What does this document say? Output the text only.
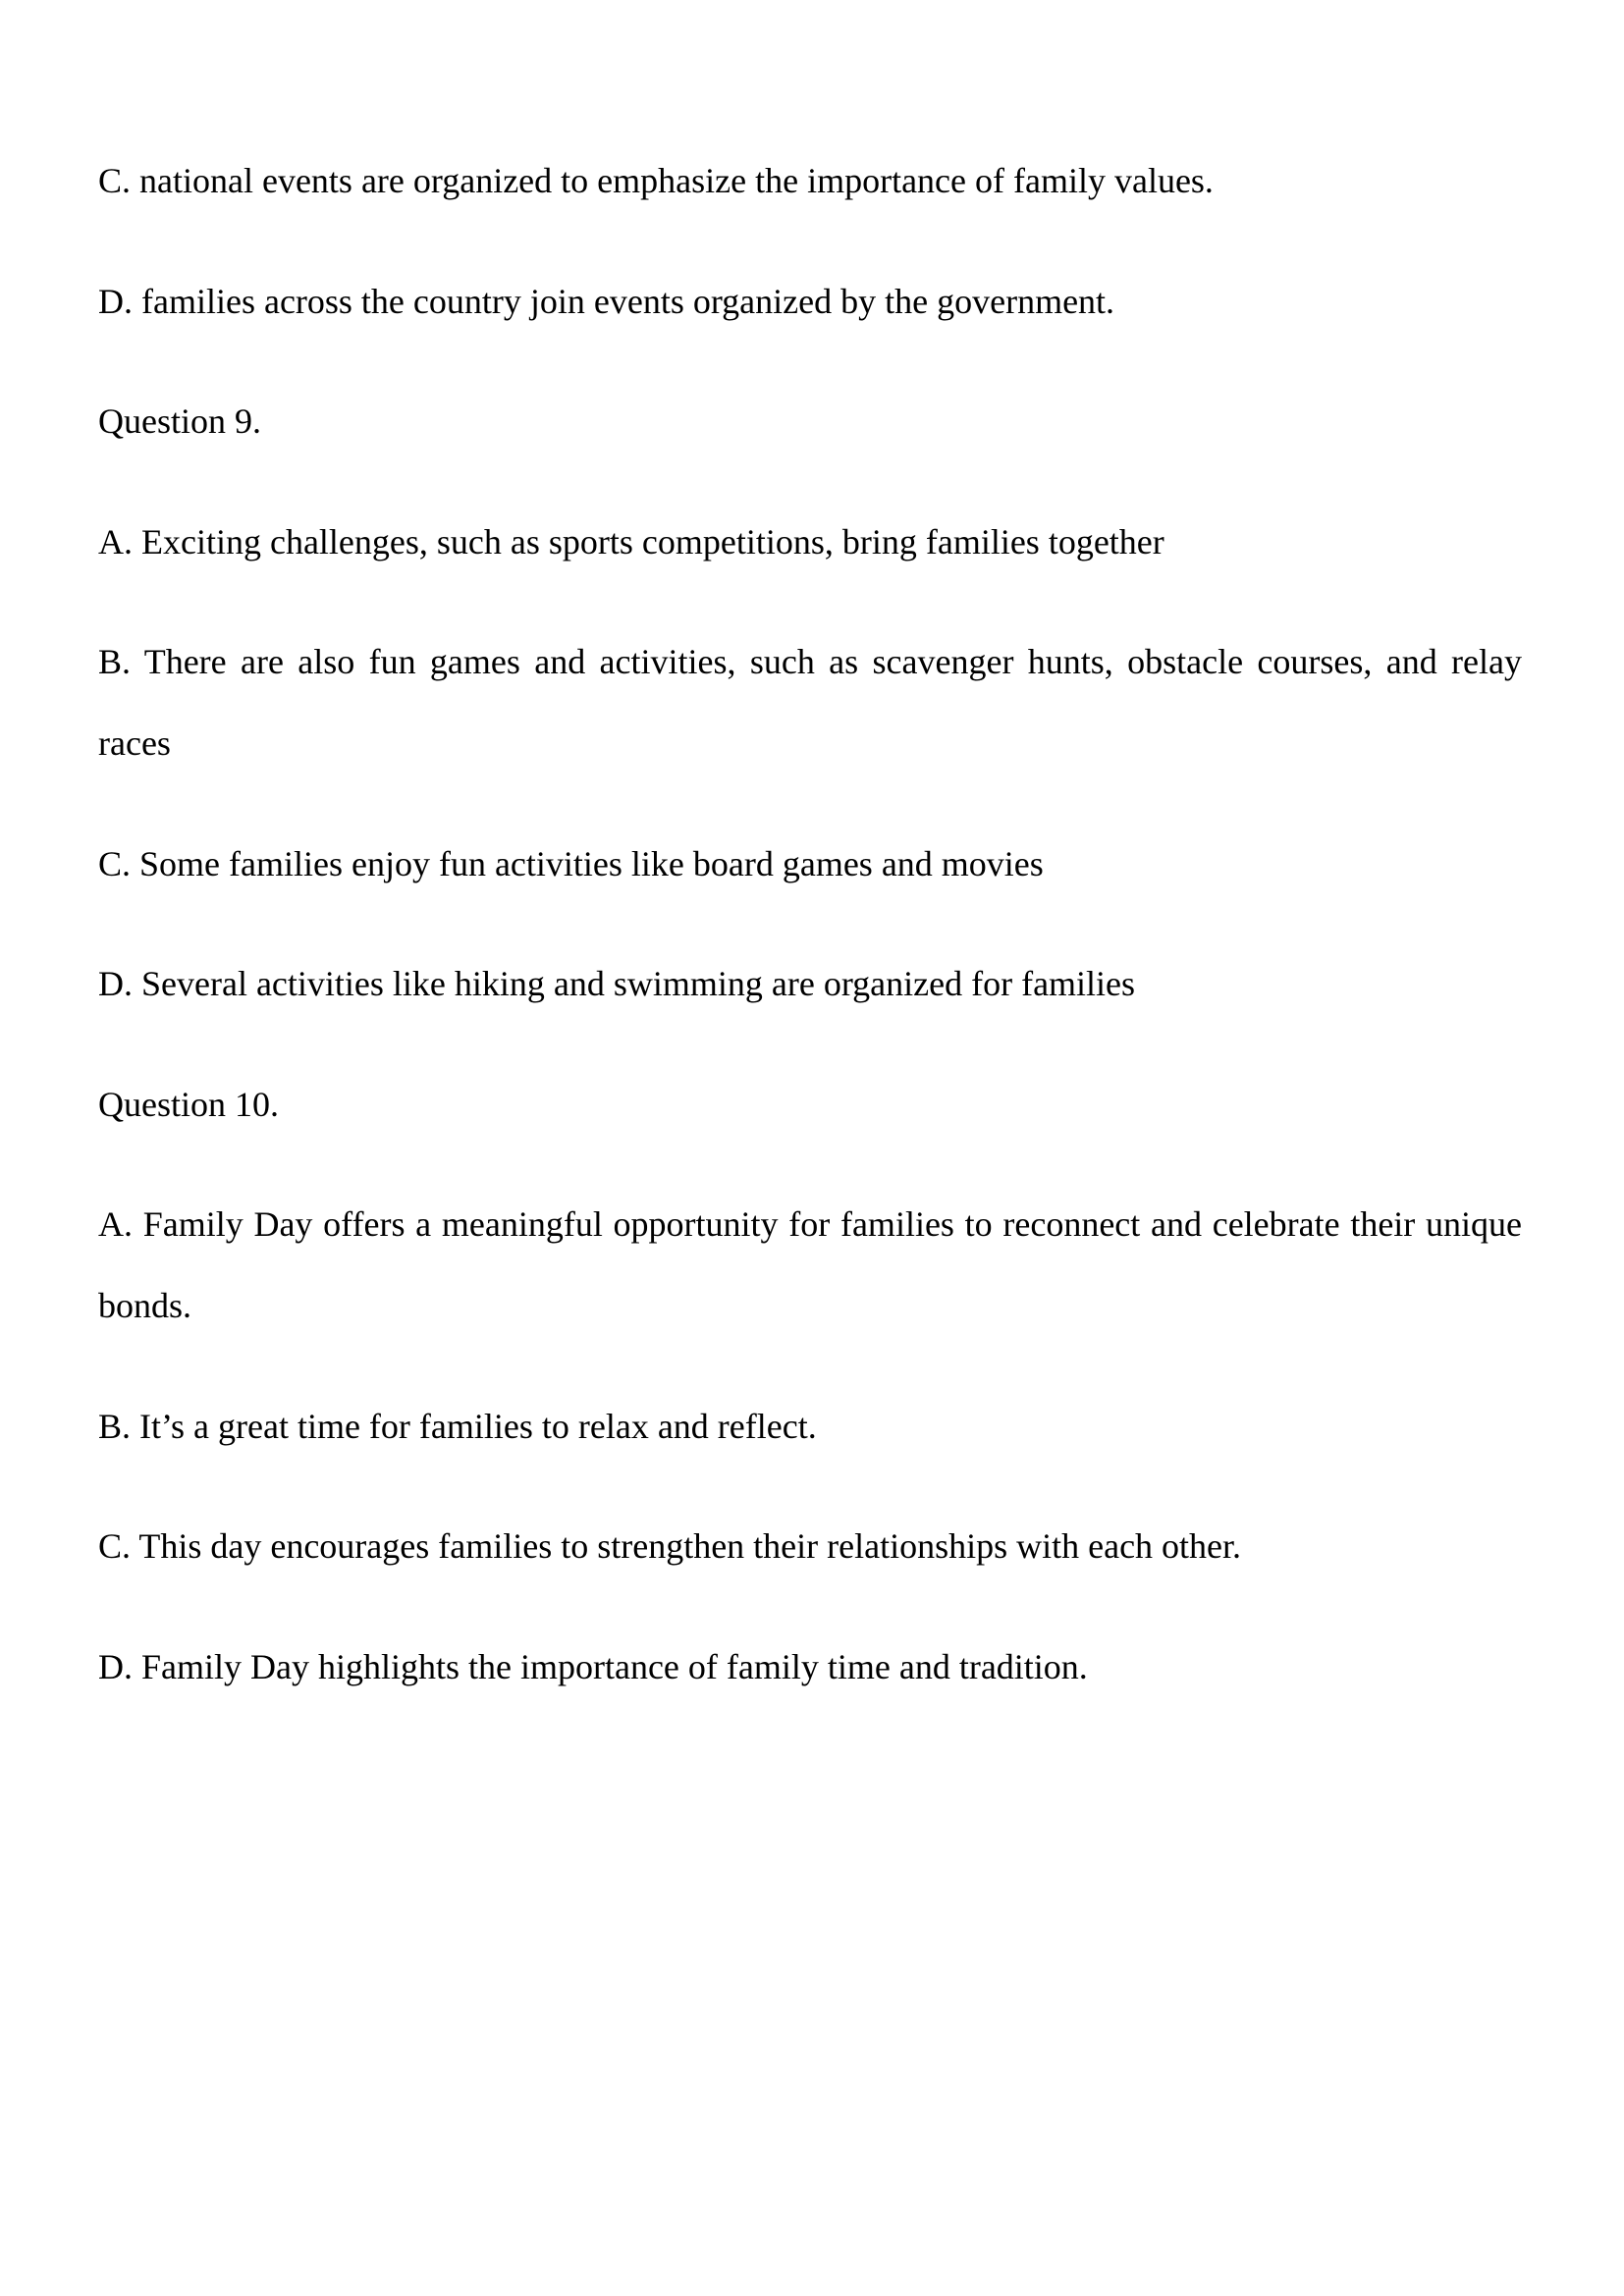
C. national events are organized to emphasize the importance of family values.
D. families across the country join events organized by the government.
Question 9.
A. Exciting challenges, such as sports competitions, bring families together
B. There are also fun games and activities, such as scavenger hunts, obstacle courses, and relay
races
C. Some families enjoy fun activities like board games and movies
D. Several activities like hiking and swimming are organized for families
Question 10.
A. Family Day offers a meaningful opportunity for families to reconnect and celebrate their unique
bonds.
B. It’s a great time for families to relax and reflect.
C. This day encourages families to strengthen their relationships with each other.
D. Family Day highlights the importance of family time and tradition.
